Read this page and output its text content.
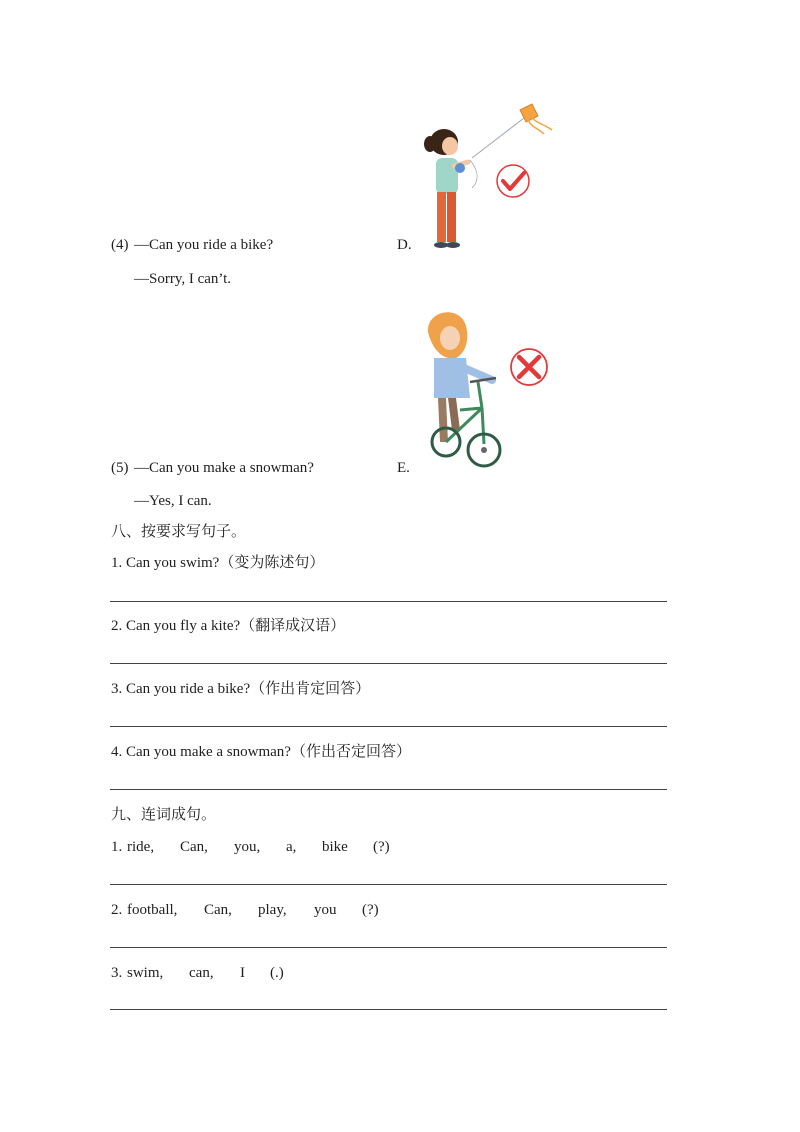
(4) —Can you ride a bike?	D.
—Sorry, I can’t.
(5) —Can you make a snowman?	E.
—Yes, I can.
八、按要求写句子。
1. Can you swim?（变为陈述句）
2. Can you fly a kite?（翻译成汉语）
3. Can you ride a bike?（作出肯定回答）
4. Can you make a snowman?（作出否定回答）
九、连词成句。
1. ride, Can, you, a, bike (?)
2. football, Can, play, you (?)
3. swim, can, I (.)
